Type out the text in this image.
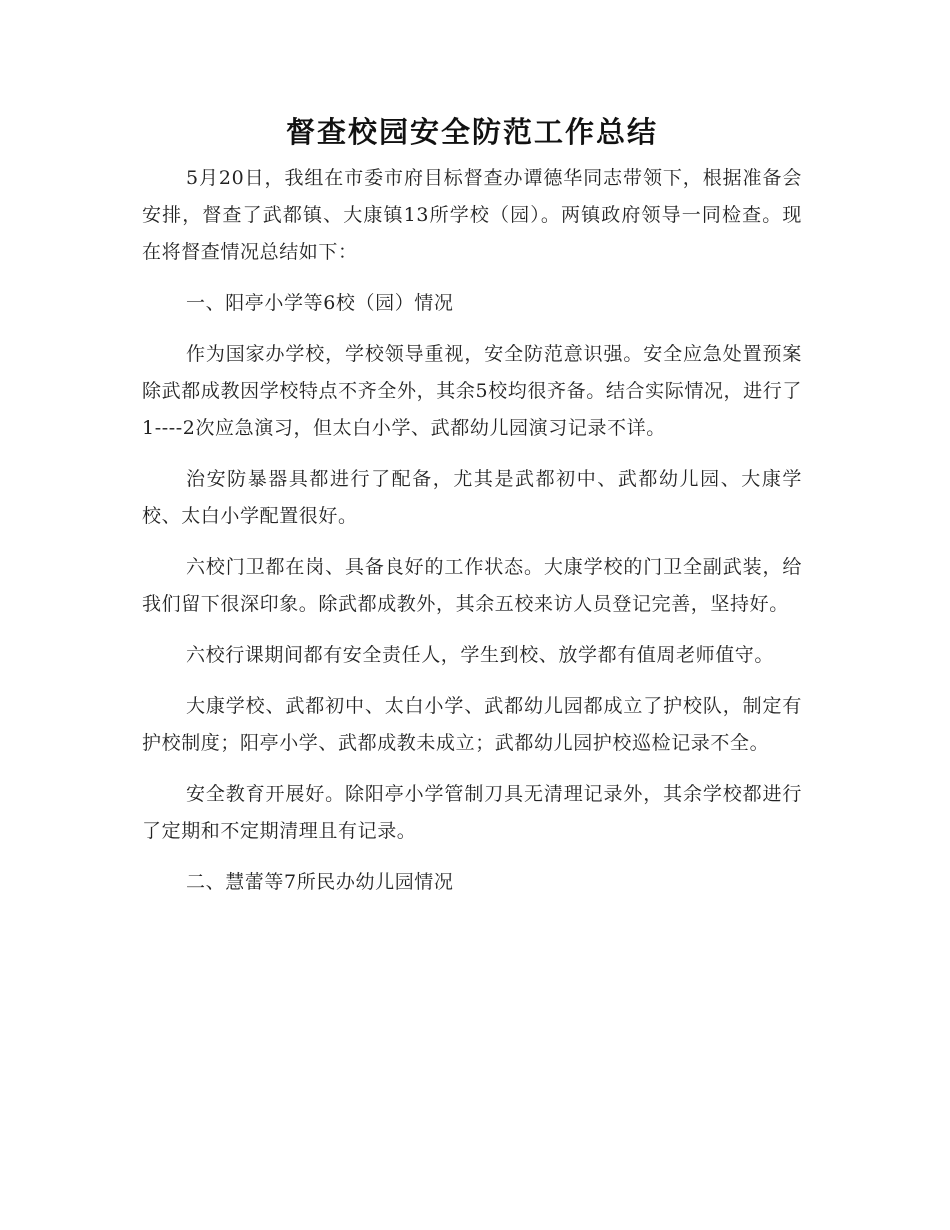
督查校园安全防范工作总结

5月20日，我组在市委市府目标督查办谭德华同志带领下，根据准备会安排，督查了武都镇、大康镇13所学校（园）。两镇政府领导一同检查。现在将督查情况总结如下：

一、阳亭小学等6校（园）情况

作为国家办学校，学校领导重视，安全防范意识强。安全应急处置预案除武都成教因学校特点不齐全外，其余5校均很齐备。结合实际情况，进行了1----2次应急演习，但太白小学、武都幼儿园演习记录不详。

治安防暴器具都进行了配备，尤其是武都初中、武都幼儿园、大康学校、太白小学配置很好。

六校门卫都在岗、具备良好的工作状态。大康学校的门卫全副武装，给我们留下很深印象。除武都成教外，其余五校来访人员登记完善，坚持好。

六校行课期间都有安全责任人，学生到校、放学都有值周老师值守。

大康学校、武都初中、太白小学、武都幼儿园都成立了护校队，制定有护校制度；阳亭小学、武都成教未成立；武都幼儿园护校巡检记录不全。

安全教育开展好。除阳亭小学管制刀具无清理记录外，其余学校都进行了定期和不定期清理且有记录。

二、慧蕾等7所民办幼儿园情况
